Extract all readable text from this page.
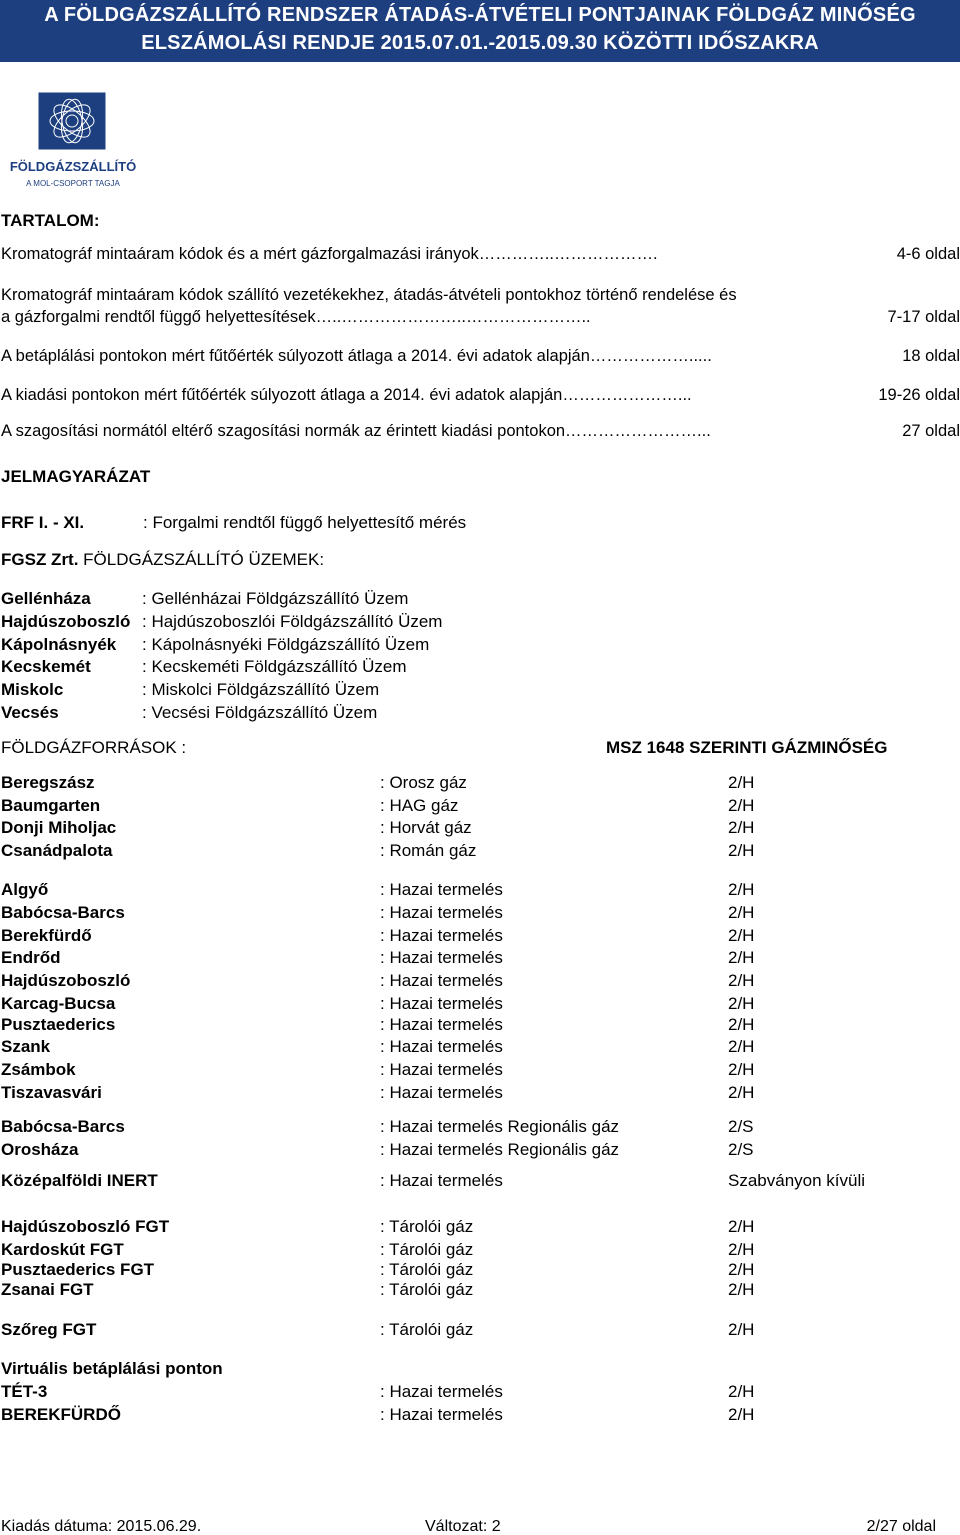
A FÖLDGÁZSZÁLLÍTÓ RENDSZER ÁTADÁS-ÁTVÉTELI PONTJAINAK FÖLDGÁZ MINŐSÉG
ELSZÁMOLÁSI RENDJE 2015.07.01.-2015.09.30 KÖZÖTTI IDŐSZAKRA
FÖLDGÁZSZÁLLÍTÓ
A MOL-CSOPORT TAGJA
TARTALOM:
Kromatográf mintaáram kódok és a mért gázforgalmazási irányok…………..……………….	4-6 oldal
Kromatográf mintaáram kódok szállító vezetékekhez, átadás-átvételi pontokhoz történő rendelése és
a gázforgalmi rendtől függő helyettesítések…..…………………..…………………..	7-17 oldal
A betáplálási pontokon mért fűtőérték súlyozott átlaga a 2014. évi adatok alapján……………….....	18 oldal
A kiadási pontokon mért fűtőérték súlyozott átlaga a 2014. évi adatok alapján…………………...	19-26 oldal
A szagosítási normától eltérő szagosítási normák az érintett kiadási pontokon……………………...	27 oldal
JELMAGYARÁZAT
FRF I. - XI.	: Forgalmi rendtől függő helyettesítő mérés
FGSZ Zrt. FÖLDGÁZSZÁLLÍTÓ ÜZEMEK:
Gellénháza	: Gellénházai Földgázszállító Üzem
Hajdúszoboszló : Hajdúszoboszlói Földgázszállító Üzem
Kápolnásnyék	: Kápolnásnyéki Földgázszállító Üzem
Kecskemét	: Kecskeméti Földgázszállító Üzem
Miskolc	: Miskolci Földgázszállító Üzem
Vecsés	: Vecsési Földgázszállító Üzem
FÖLDGÁZFORRÁSOK :	MSZ 1648 SZERINTI GÁZMINŐSÉG
Beregszász	: Orosz gáz	2/H
Baumgarten	: HAG gáz	2/H
Donji Miholjac	: Horvát gáz	2/H
Csanádpalota	: Román gáz	2/H
Algyő	: Hazai termelés	2/H
Babócsa-Barcs	: Hazai termelés	2/H
Berekfürdő	: Hazai termelés	2/H
Endrőd	: Hazai termelés	2/H
Hajdúszoboszló	: Hazai termelés	2/H
Karcag-Bucsa	: Hazai termelés	2/H
Pusztaederics	: Hazai termelés	2/H
Szank	: Hazai termelés	2/H
Zsámbok	: Hazai termelés	2/H
Tiszavasvári	: Hazai termelés	2/H
Babócsa-Barcs	: Hazai termelés Regionális gáz	2/S
Orosháza	: Hazai termelés Regionális gáz	2/S
Középalföldi INERT	: Hazai termelés	Szabványon kívüli
Hajdúszoboszló FGT	: Tárolói gáz	2/H
Kardoskút FGT	: Tárolói gáz	2/H
Pusztaederics FGT	: Tárolói gáz	2/H
Zsanai FGT	: Tárolói gáz	2/H
Szőreg FGT	: Tárolói gáz	2/H
Virtuális betáplálási ponton
TÉT-3	: Hazai termelés	2/H
BEREKFÜRDŐ	: Hazai termelés	2/H
Kiadás dátuma: 2015.06.29.	Változat: 2	2/27 oldal
